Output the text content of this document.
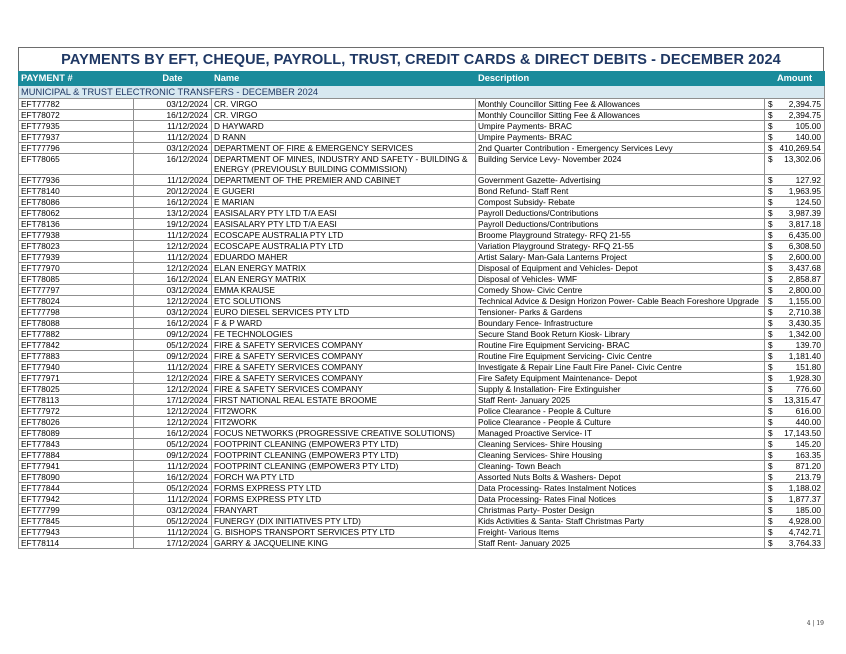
PAYMENTS BY EFT, CHEQUE, PAYROLL, TRUST, CREDIT CARDS & DIRECT DEBITS - DECEMBER 2024
PAYMENT #	Date	Name	Description	Amount
MUNICIPAL & TRUST ELECTRONIC TRANSFERS - DECEMBER 2024				
EFT77782	03/12/2024	CR. VIRGO	Monthly Councillor Sitting Fee & Allowances	$ 2,394.75

EFT78072	16/12/2024	CR. VIRGO	Monthly Councillor Sitting Fee & Allowances	$ 2,394.75

EFT77935	11/12/2024	D HAYWARD	Umpire Payments- BRAC	$ 105.00

EFT77937	11/12/2024	D RANN	Umpire Payments- BRAC	$ 140.00

EFT77796	03/12/2024	DEPARTMENT OF FIRE & EMERGENCY SERVICES	2nd Quarter Contribution - Emergency Services Levy	$ 410,269.54

EFT78065	16/12/2024	DEPARTMENT OF MINES, INDUSTRY AND SAFETY - BUILDING & ENERGY (PREVIOUSLY BUILDING COMMISSION)	Building Service Levy- November 2024	$ 13,302.06

EFT77936	11/12/2024	DEPARTMENT OF THE PREMIER AND CABINET	Government Gazette- Advertising	$ 127.92

EFT78140	20/12/2024	E GUGERI	Bond Refund- Staff Rent	$ 1,963.95

EFT78086	16/12/2024	E MARIAN	Compost Subsidy- Rebate	$ 124.50

EFT78062	13/12/2024	EASISALARY PTY LTD T/A EASI	Payroll Deductions/Contributions	$ 3,987.39

EFT78136	19/12/2024	EASISALARY PTY LTD T/A EASI	Payroll Deductions/Contributions	$ 3,817.18

EFT77938	11/12/2024	ECOSCAPE AUSTRALIA PTY LTD	Broome Playground Strategy- RFQ 21-55	$ 6,435.00

EFT78023	12/12/2024	ECOSCAPE AUSTRALIA PTY LTD	Variation Playground Strategy- RFQ 21-55	$ 6,308.50

EFT77939	11/12/2024	EDUARDO MAHER	Artist Salary- Man-Gala Lanterns Project	$ 2,600.00

EFT77970	12/12/2024	ELAN ENERGY MATRIX	Disposal of Equipment and Vehicles- Depot	$ 3,437.68

EFT78085	16/12/2024	ELAN ENERGY MATRIX	Disposal of Vehicles- WMF	$ 2,858.87

EFT77797	03/12/2024	EMMA KRAUSE	Comedy Show- Civic Centre	$ 2,800.00

EFT78024	12/12/2024	ETC SOLUTIONS	Technical Advice & Design Horizon Power- Cable Beach Foreshore Upgrade	$ 1,155.00

EFT77798	03/12/2024	EURO DIESEL SERVICES PTY LTD	Tensioner- Parks & Gardens	$ 2,710.38

EFT78088	16/12/2024	F & P WARD	Boundary Fence- Infrastructure	$ 3,430.35

EFT77882	09/12/2024	FE TECHNOLOGIES	Secure Stand Book Return Kiosk- Library	$ 1,342.00

EFT77842	05/12/2024	FIRE & SAFETY SERVICES COMPANY	Routine Fire Equipment Servicing- BRAC	$ 139.70

EFT77883	09/12/2024	FIRE & SAFETY SERVICES COMPANY	Routine Fire Equipment Servicing- Civic Centre	$ 1,181.40

EFT77940	11/12/2024	FIRE & SAFETY SERVICES COMPANY	Investigate & Repair Line Fault Fire Panel- Civic Centre	$ 151.80

EFT77971	12/12/2024	FIRE & SAFETY SERVICES COMPANY	Fire Safety Equipment Maintenance- Depot	$ 1,928.30

EFT78025	12/12/2024	FIRE & SAFETY SERVICES COMPANY	Supply & Installation- Fire Extinguisher	$ 776.60

EFT78113	17/12/2024	FIRST NATIONAL REAL ESTATE BROOME	Staff Rent- January 2025	$ 13,315.47

EFT77972	12/12/2024	FIT2WORK	Police Clearance - People & Culture	$ 616.00

EFT78026	12/12/2024	FIT2WORK	Police Clearance - People & Culture	$ 440.00

EFT78089	16/12/2024	FOCUS NETWORKS (PROGRESSIVE CREATIVE SOLUTIONS)	Managed Proactive Service- IT	$ 17,143.50

EFT77843	05/12/2024	FOOTPRINT CLEANING (EMPOWER3 PTY LTD)	Cleaning Services- Shire Housing	$ 145.20

EFT77884	09/12/2024	FOOTPRINT CLEANING (EMPOWER3 PTY LTD)	Cleaning Services- Shire Housing	$ 163.35

EFT77941	11/12/2024	FOOTPRINT CLEANING (EMPOWER3 PTY LTD)	Cleaning- Town Beach	$ 871.20

EFT78090	16/12/2024	FORCH WA PTY LTD	Assorted Nuts Bolts & Washers- Depot	$ 213.79

EFT77844	05/12/2024	FORMS EXPRESS PTY LTD	Data Processing- Rates Instalment Notices	$ 1,188.02

EFT77942	11/12/2024	FORMS EXPRESS PTY LTD	Data Processing- Rates Final Notices	$ 1,877.37

EFT77799	03/12/2024	FRANYART	Christmas Party- Poster Design	$ 185.00

EFT77845	05/12/2024	FUNERGY (DIX INITIATIVES PTY LTD)	Kids Activities & Santa- Staff Christmas Party	$ 4,928.00

EFT77943	11/12/2024	G. BISHOPS TRANSPORT SERVICES PTY LTD	Freight- Various Items	$ 4,742.71

EFT78114	17/12/2024	GARRY & JACQUELINE KING	Staff Rent- January 2025	$ 3,764.33
4 | 19
